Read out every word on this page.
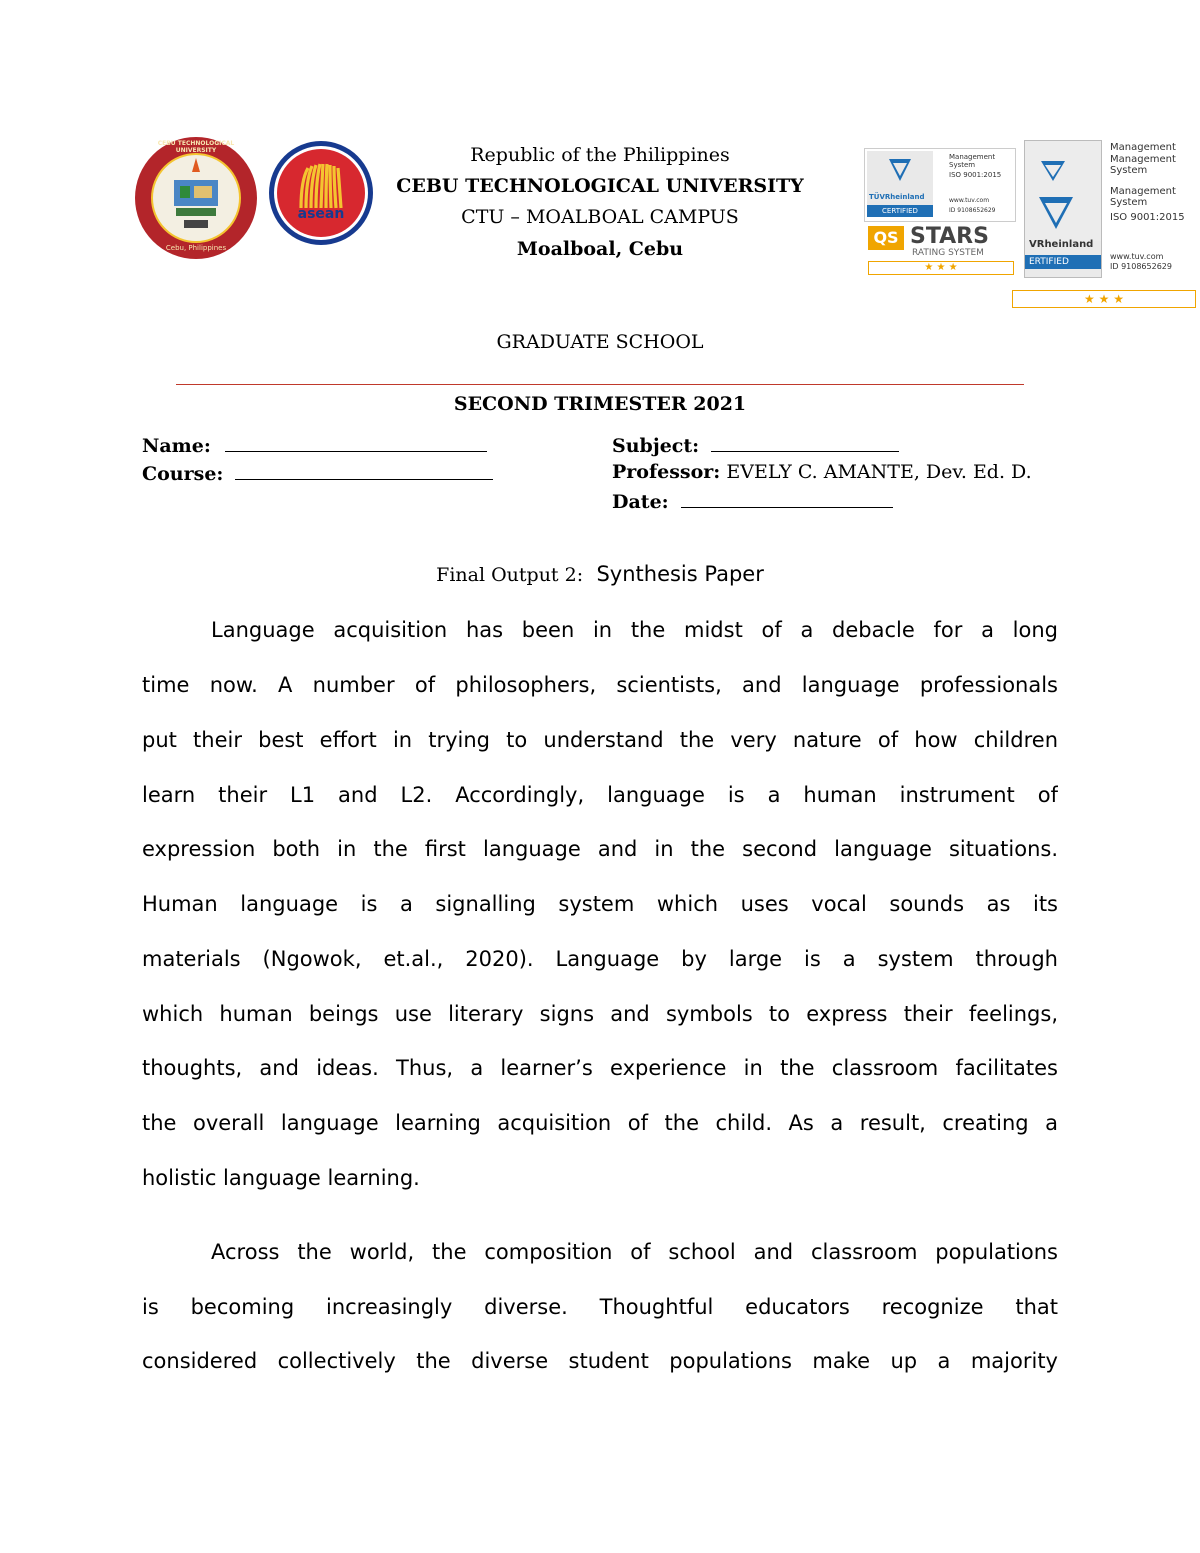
CEBU TECHNOLOGICAL UNIVERSITY
Cebu, Philippines
asean
TÜVRheinland
CERTIFIED
Management System
ISO 9001:2015
www.tuv.com
ID 9108652629
QS STARS
RATING SYSTEM
★ ★ ★
VRheinland
ERTIFIED
Management
Management System
Management System
ISO 9001:2015
www.tuv.com
ID 9108652629
★ ★ ★
Republic of the Philippines
CEBU TECHNOLOGICAL UNIVERSITY
CTU – MOALBOAL CAMPUS
Moalboal, Cebu
GRADUATE SCHOOL
SECOND TRIMESTER 2021
Name:
Course:
Subject:
Professor: EVELY C. AMANTE, Dev. Ed. D.
Date:
Final Output 2: Synthesis Paper
Language acquisition has been in the midst of a debacle for a long
time now. A number of philosophers, scientists, and language professionals
put their best effort in trying to understand the very nature of how children
learn their L1 and L2. Accordingly, language is a human instrument of
expression both in the first language and in the second language situations.
Human language is a signalling system which uses vocal sounds as its
materials (Ngowok, et.al., 2020). Language by large is a system through
which human beings use literary signs and symbols to express their feelings,
thoughts, and ideas. Thus, a learner’s experience in the classroom facilitates
the overall language learning acquisition of the child. As a result, creating a
holistic language learning.
Across the world, the composition of school and classroom populations
is becoming increasingly diverse. Thoughtful educators recognize that
considered collectively the diverse student populations make up a majority
